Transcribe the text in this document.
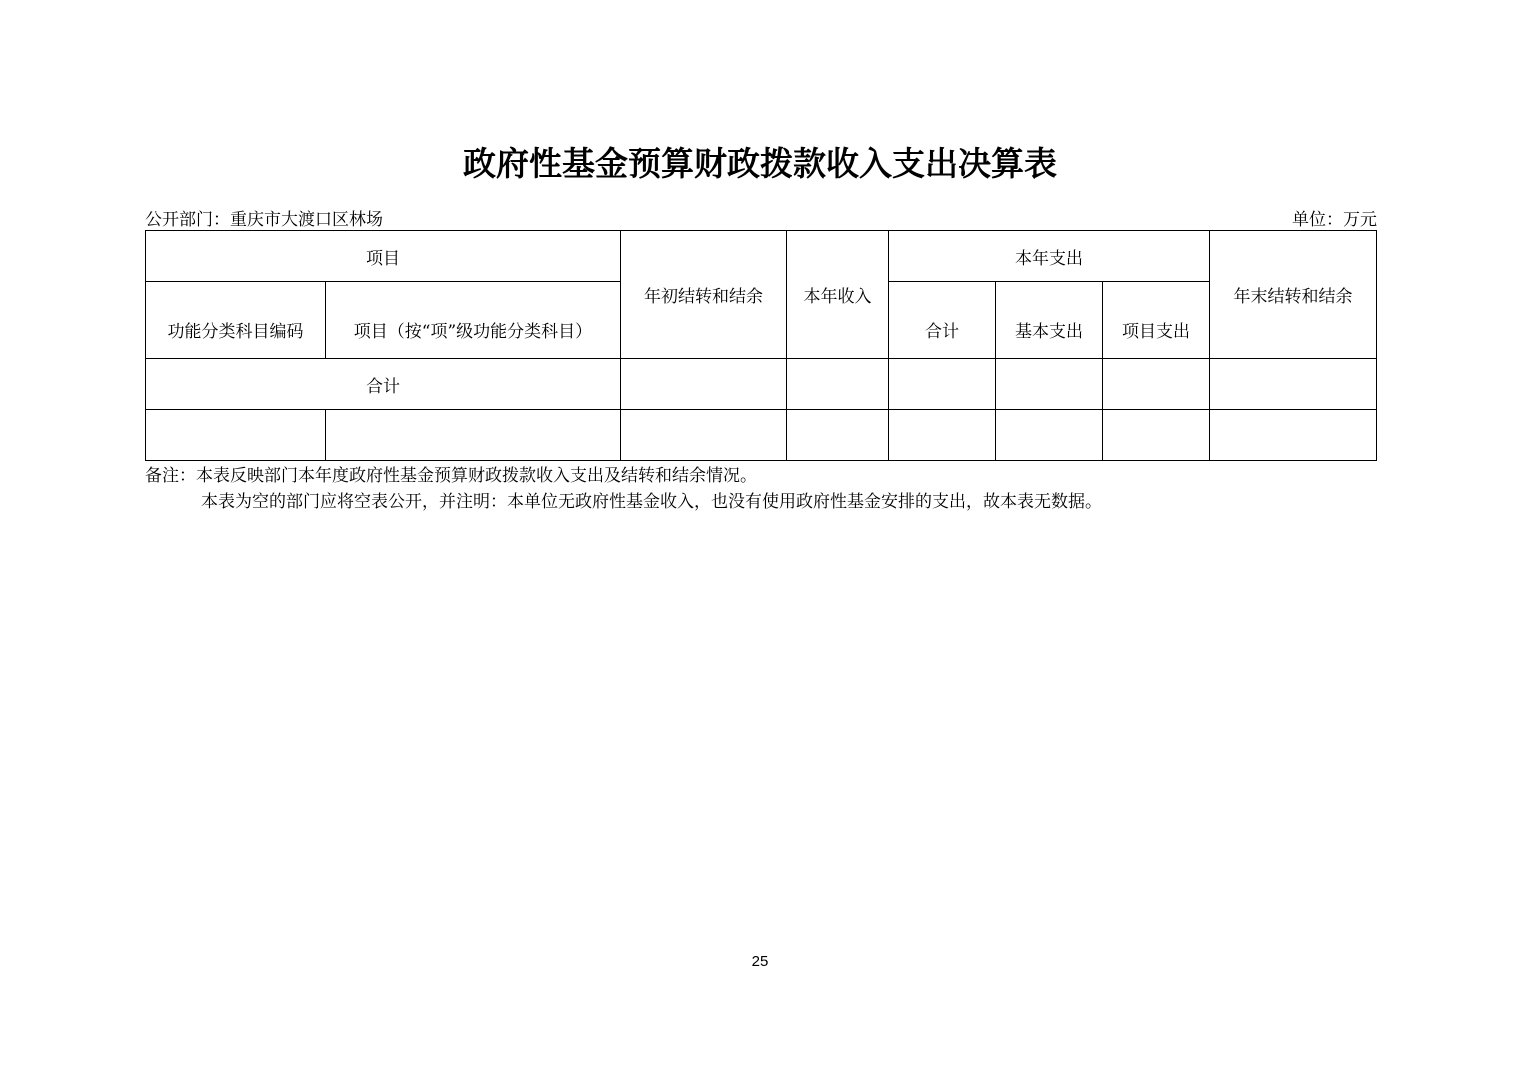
政府性基金预算财政拨款收入支出决算表
公开部门：重庆市大渡口区林场	单位：万元
项目		年初结转和结余	本年收入	本年支出			年末结转和结余
功能分类科目编码	项目（按“项”级功能分类科目）			合计	基本支出	项目支出	
合计							

备注：本表反映部门本年度政府性基金预算财政拨款收入支出及结转和结余情况。
本表为空的部门应将空表公开，并注明：本单位无政府性基金收入，也没有使用政府性基金安排的支出，故本表无数据。
25
